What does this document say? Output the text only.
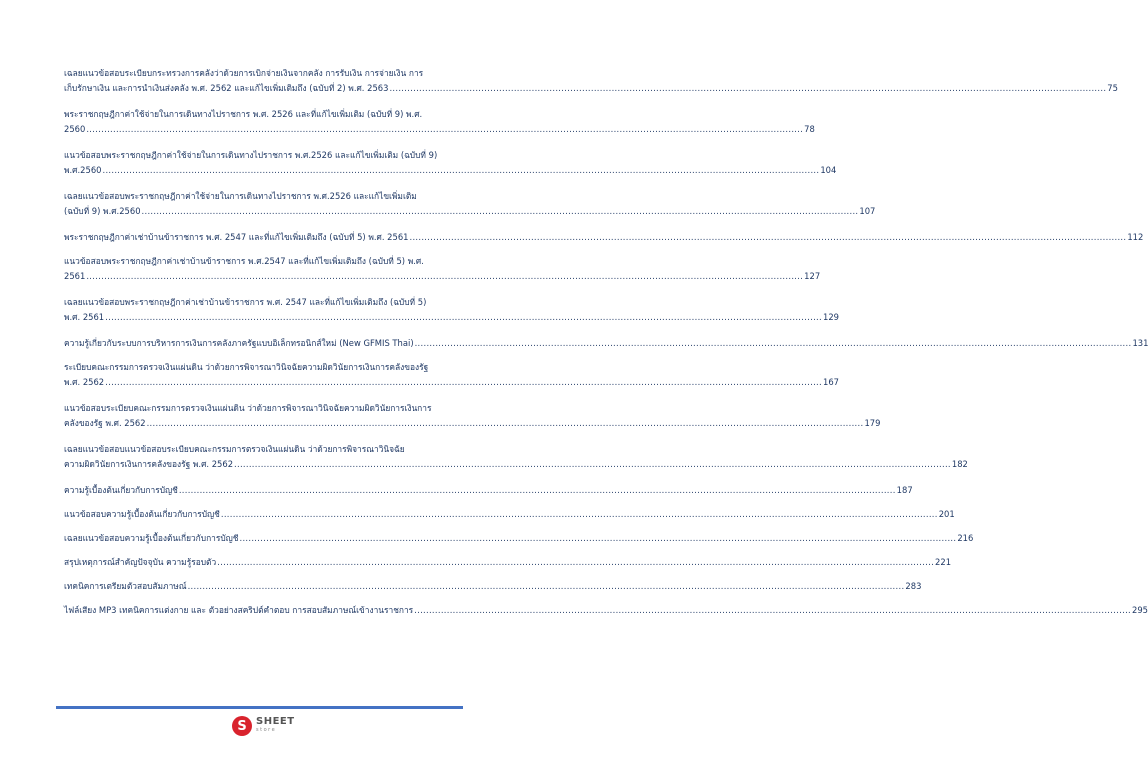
เฉลยแนวข้อสอบระเบียบกระทรวงการคลังว่าด้วยการเบิกจ่ายเงินจากคลัง การรับเงิน การจ่ายเงิน การ
เก็บรักษาเงิน และการนำเงินส่งคลัง พ.ศ. 2562 และแก้ไขเพิ่มเติมถึง (ฉบับที่ 2) พ.ศ. 2563 .....	75
พระราชกฤษฎีกาค่าใช้จ่ายในการเดินทางไปราชการ พ.ศ. 2526 และที่แก้ไขเพิ่มเติม (ฉบับที่ 9) พ.ศ.
2560 .....	78
แนวข้อสอบพระราชกฤษฎีกาค่าใช้จ่ายในการเดินทางไปราชการ พ.ศ.2526 และแก้ไขเพิ่มเติม (ฉบับที่ 9)
พ.ศ.2560 .....	104
เฉลยแนวข้อสอบพระราชกฤษฎีกาค่าใช้จ่ายในการเดินทางไปราชการ พ.ศ.2526 และแก้ไขเพิ่มเติม
(ฉบับที่ 9) พ.ศ.2560 .....	107
พระราชกฤษฎีกาค่าเช่าบ้านข้าราชการ พ.ศ. 2547 และที่แก้ไขเพิ่มเติมถึง (ฉบับที่ 5) พ.ศ. 2561 .....	112
แนวข้อสอบพระราชกฤษฎีกาค่าเช่าบ้านข้าราชการ พ.ศ.2547 และที่แก้ไขเพิ่มเติมถึง (ฉบับที่ 5) พ.ศ.
2561 .....	127
เฉลยแนวข้อสอบพระราชกฤษฎีกาค่าเช่าบ้านข้าราชการ พ.ศ. 2547 และที่แก้ไขเพิ่มเติมถึง (ฉบับที่ 5)
พ.ศ. 2561 .....	129
ความรู้เกี่ยวกับระบบการบริหารการเงินการคลังภาครัฐแบบอิเล็กทรอนิกส์ใหม่ (New GFMIS Thai) .....	131
ระเบียบคณะกรรมการตรวจเงินแผ่นดิน ว่าด้วยการพิจารณาวินิจฉัยความผิดวินัยการเงินการคลังของรัฐ
พ.ศ. 2562 .....	167
แนวข้อสอบระเบียบคณะกรรมการตรวจเงินแผ่นดิน ว่าด้วยการพิจารณาวินิจฉัยความผิดวินัยการเงินการ
คลังของรัฐ พ.ศ. 2562 .....	179
เฉลยแนวข้อสอบแนวข้อสอบระเบียบคณะกรรมการตรวจเงินแผ่นดิน ว่าด้วยการพิจารณาวินิจฉัย
ความผิดวินัยการเงินการคลังของรัฐ พ.ศ. 2562 .....	182
ความรู้เบื้องต้นเกี่ยวกับการบัญชี .....	187
แนวข้อสอบความรู้เบื้องต้นเกี่ยวกับการบัญชี .....	201
เฉลยแนวข้อสอบความรู้เบื้องต้นเกี่ยวกับการบัญชี .....	216
สรุปเหตุการณ์สำคัญปัจจุบัน ความรู้รอบตัว .....	221
เทคนิคการเตรียมตัวสอบสัมภาษณ์ .....	283
ไฟล์เสียง MP3 เทคนิคการแต่งกาย และ ตัวอย่างสคริปต์คำตอบ การสอบสัมภาษณ์เข้างานราชการ .....	295
S SHEET
store
